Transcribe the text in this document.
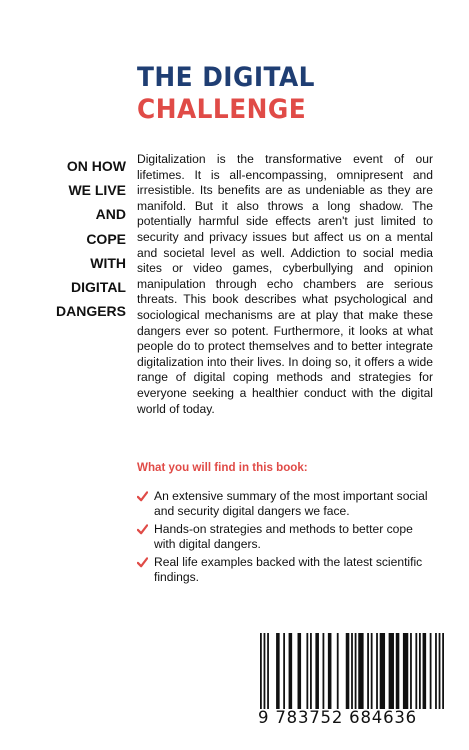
THE DIGITAL
CHALLENGE
ON HOW
WE LIVE
AND
COPE
WITH
DIGITAL
DANGERS

Digitalization is the transformative event of our lifetimes. It is all-encompassing, omnipresent and irresistible. Its benefits are as undeniable as they are manifold. But it also throws a long shadow. The potentially harmful side effects aren't just limited to security and privacy issues but affect us on a mental and societal level as well. Addiction to social media sites or video games, cyberbullying and opinion manipulation through echo chambers are serious threats. This book describes what psychological and sociological mechanisms are at play that make these dangers ever so potent. Furthermore, it looks at what people do to protect themselves and to better integrate digitalization into their lives. In doing so, it offers a wide range of digital coping methods and strategies for everyone seeking a healthier conduct with the digital world of today.

What you will find in this book:
An extensive summary of the most important social and security digital dangers we face.
Hands-on strategies and methods to better cope with digital dangers.
Real life examples backed with the latest scientific findings.
9 783752 684636
